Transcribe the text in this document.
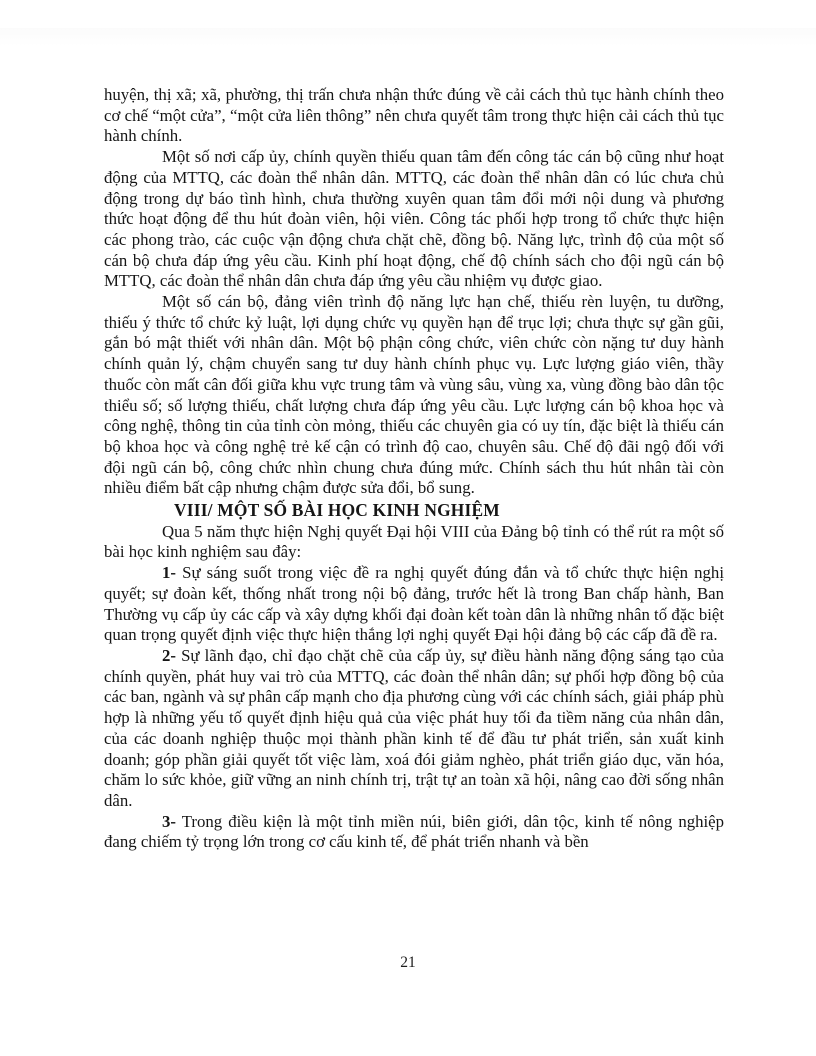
huyện, thị xã; xã, phường, thị trấn chưa nhận thức đúng về cải cách thủ tục hành chính theo cơ chế “một cửa”, “một cửa liên thông” nên chưa quyết tâm trong thực hiện cải cách thủ tục hành chính.

Một số nơi cấp ủy, chính quyền thiếu quan tâm đến công tác cán bộ cũng như hoạt động của MTTQ, các đoàn thể nhân dân. MTTQ, các đoàn thể nhân dân có lúc chưa chủ động trong dự báo tình hình, chưa thường xuyên quan tâm đổi mới nội dung và phương thức hoạt động để thu hút đoàn viên, hội viên. Công tác phối hợp trong tổ chức thực hiện các phong trào, các cuộc vận động chưa chặt chẽ, đồng bộ. Năng lực, trình độ của một số cán bộ chưa đáp ứng yêu cầu. Kinh phí hoạt động, chế độ chính sách cho đội ngũ cán bộ MTTQ, các đoàn thể nhân dân chưa đáp ứng yêu cầu nhiệm vụ được giao.

Một số cán bộ, đảng viên trình độ năng lực hạn chế, thiếu rèn luyện, tu dưỡng, thiếu ý thức tổ chức kỷ luật, lợi dụng chức vụ quyền hạn để trục lợi; chưa thực sự gần gũi, gắn bó mật thiết với nhân dân. Một bộ phận công chức, viên chức còn nặng tư duy hành chính quản lý, chậm chuyển sang tư duy hành chính phục vụ. Lực lượng giáo viên, thầy thuốc còn mất cân đối giữa khu vực trung tâm và vùng sâu, vùng xa, vùng đồng bào dân tộc thiểu số; số lượng thiếu, chất lượng chưa đáp ứng yêu cầu. Lực lượng cán bộ khoa học và công nghệ, thông tin của tỉnh còn mỏng, thiếu các chuyên gia có uy tín, đặc biệt là thiếu cán bộ khoa học và công nghệ trẻ kế cận có trình độ cao, chuyên sâu. Chế độ đãi ngộ đối với đội ngũ cán bộ, công chức nhìn chung chưa đúng mức. Chính sách thu hút nhân tài còn nhiều điểm bất cập nhưng chậm được sửa đổi, bổ sung.

VIII/ MỘT SỐ BÀI HỌC KINH NGHIỆM

Qua 5 năm thực hiện Nghị quyết Đại hội VIII của Đảng bộ tỉnh có thể rút ra một số bài học kinh nghiệm sau đây:

1- Sự sáng suốt trong việc đề ra nghị quyết đúng đắn và tổ chức thực hiện nghị quyết; sự đoàn kết, thống nhất trong nội bộ đảng, trước hết là trong Ban chấp hành, Ban Thường vụ cấp ủy các cấp và xây dựng khối đại đoàn kết toàn dân là những nhân tố đặc biệt quan trọng quyết định việc thực hiện thắng lợi nghị quyết Đại hội đảng bộ các cấp đã đề ra.

2- Sự lãnh đạo, chỉ đạo chặt chẽ của cấp ủy, sự điều hành năng động sáng tạo của chính quyền, phát huy vai trò của MTTQ, các đoàn thể nhân dân; sự phối hợp đồng bộ của các ban, ngành và sự phân cấp mạnh cho địa phương cùng với các chính sách, giải pháp phù hợp là những yếu tố quyết định hiệu quả của việc phát huy tối đa tiềm năng của nhân dân, của các doanh nghiệp thuộc mọi thành phần kinh tế để đầu tư phát triển, sản xuất kinh doanh; góp phần giải quyết tốt việc làm, xoá đói giảm nghèo, phát triển giáo dục, văn hóa, chăm lo sức khỏe, giữ vững an ninh chính trị, trật tự an toàn xã hội, nâng cao đời sống nhân dân.

3- Trong điều kiện là một tỉnh miền núi, biên giới, dân tộc, kinh tế nông nghiệp đang chiếm tỷ trọng lớn trong cơ cấu kinh tế, để phát triển nhanh và bền

21
